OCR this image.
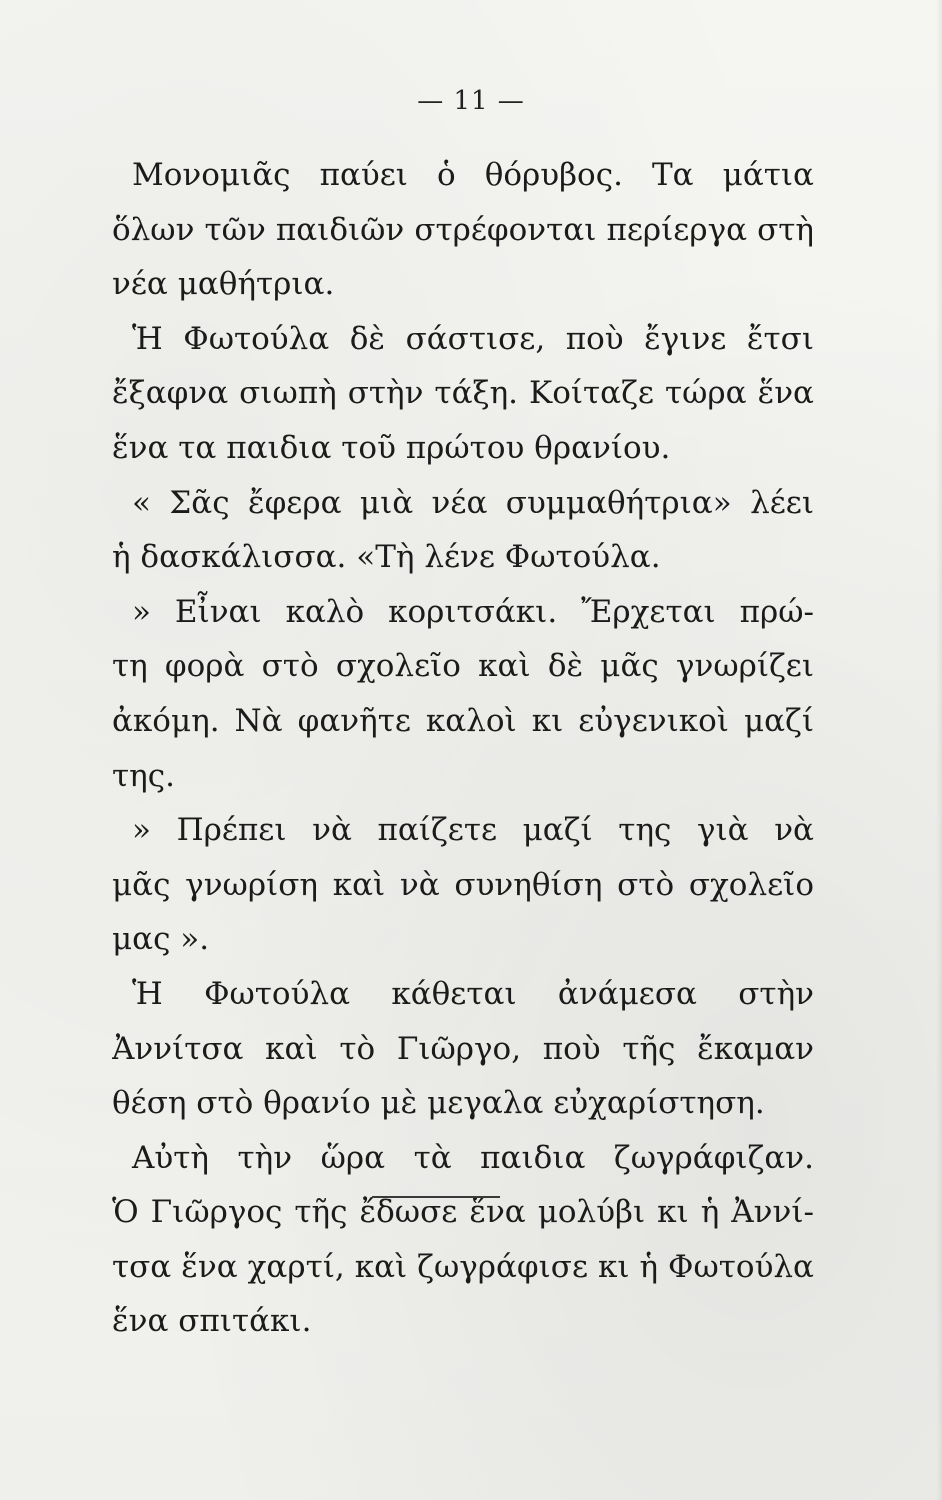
— 11 —
Μονομιᾶς παύει ὁ θόρυβος. Τα μάτια
ὅλων τῶν παιδιῶν στρέφονται περίεργα στὴ
νέα μαθήτρια.
Ἡ Φωτούλα δὲ σάστισε, ποὺ ἔγινε ἔτσι
ἔξαφνα σιωπὴ στὴν τάξη. Κοίταζε τώρα ἕνα
ἕνα τα παιδια τοῦ πρώτου θρανίου.
« Σᾶς ἔφερα μιὰ νέα συμμαθήτρια» λέει
ἡ δασκάλισσα. «Τὴ λένε Φωτούλα.
» Εἶναι καλὸ κοριτσάκι. Ἔρχεται πρώ-
τη φορὰ στὸ σχολεῖο καὶ δὲ μᾶς γνωρίζει
ἀκόμη. Νὰ φανῆτε καλοὶ κι εὐγενικοὶ μαζί
της.
» Πρέπει νὰ παίζετε μαζί της γιὰ νὰ
μᾶς γνωρίση καὶ νὰ συνηθίση στὸ σχολεῖο
μας ».
Ἡ Φωτούλα κάθεται ἀνάμεσα στὴν
Ἀννίτσα καὶ τὸ Γιῶργο, ποὺ τῆς ἔκαμαν
θέση στὸ θρανίο μὲ μεγαλα εὐχαρίστηση.
Αὐτὴ τὴν ὥρα τὰ παιδια ζωγράφιζαν.
Ὁ Γιῶργος τῆς ἔδωσε ἕνα μολύβι κι ἡ Ἀννί-
τσα ἕνα χαρτί, καὶ ζωγράφισε κι ἡ Φωτούλα
ἕνα σπιτάκι.
